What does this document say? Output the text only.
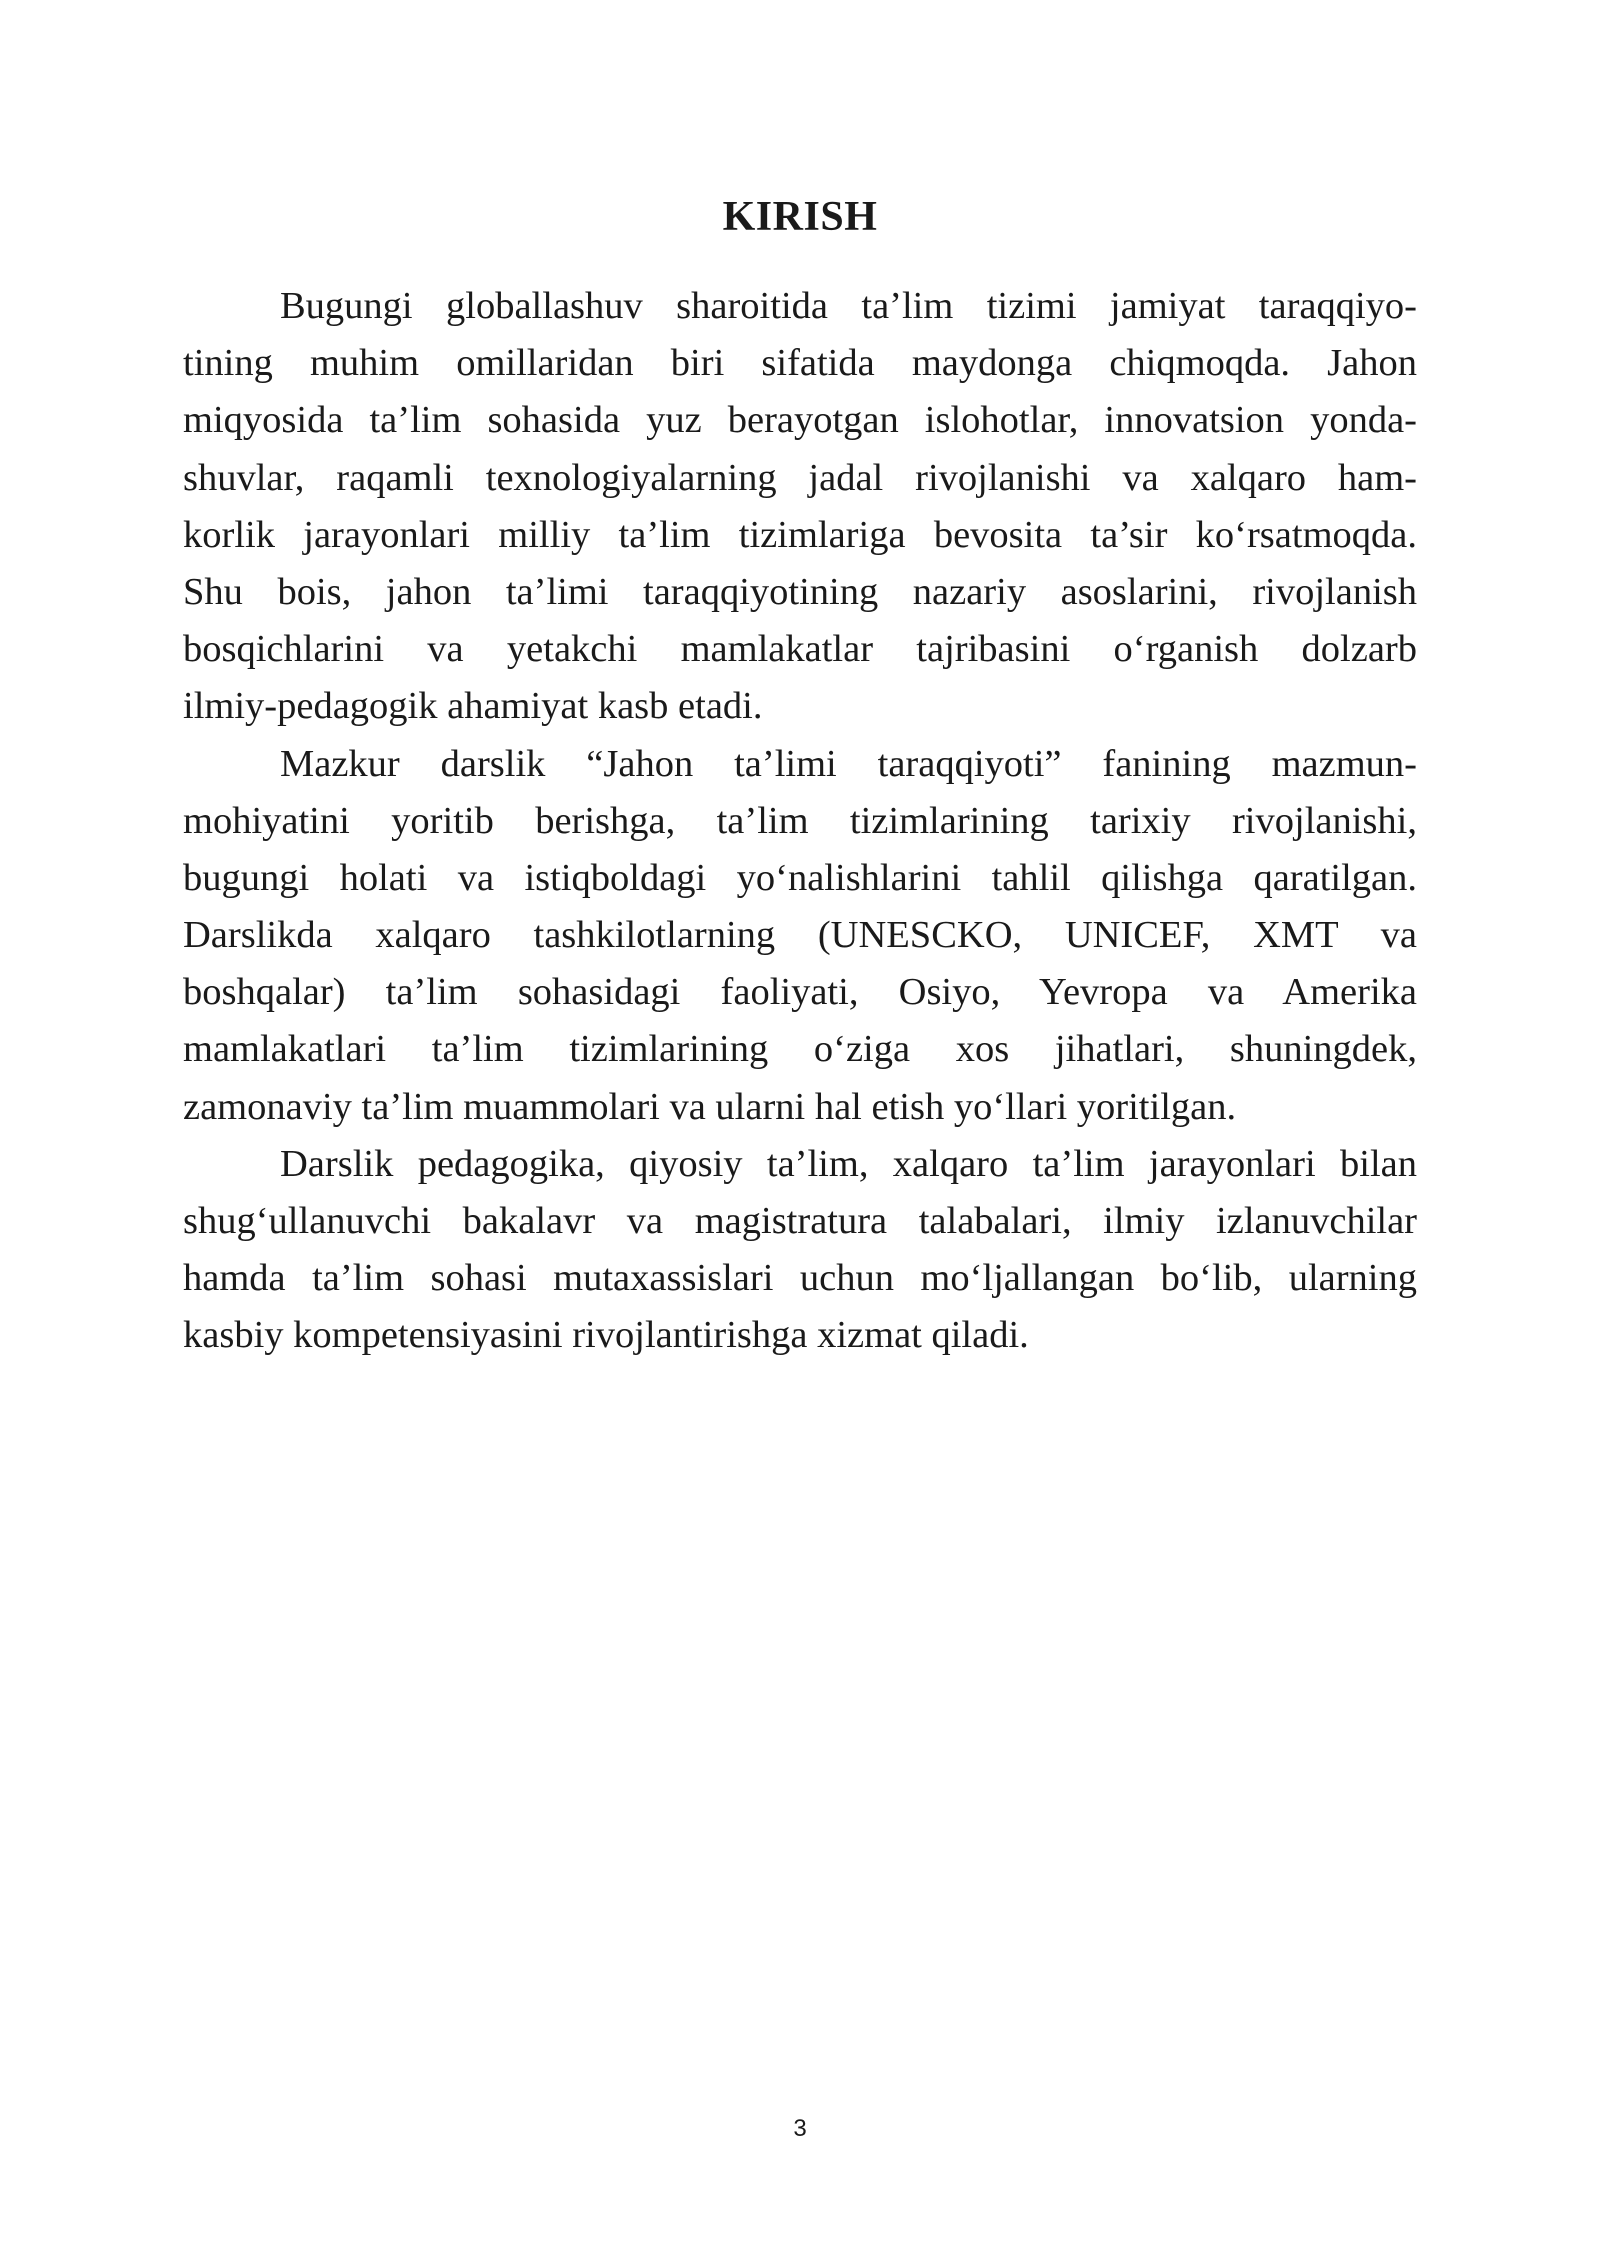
KIRISH
Bugungi globallashuv sharoitida ta’lim tizimi jamiyat taraqqiyo-
tining muhim omillaridan biri sifatida maydonga chiqmoqda. Jahon
miqyosida ta’lim sohasida yuz berayotgan islohotlar, innovatsion yonda-
shuvlar, raqamli texnologiyalarning jadal rivojlanishi va xalqaro ham-
korlik jarayonlari milliy ta’lim tizimlariga bevosita ta’sir ko‘rsatmoqda.
Shu bois, jahon ta’limi taraqqiyotining nazariy asoslarini, rivojlanish
bosqichlarini va yetakchi mamlakatlar tajribasini o‘rganish dolzarb
ilmiy-pedagogik ahamiyat kasb etadi.
Mazkur darslik “Jahon ta’limi taraqqiyoti” fanining mazmun-
mohiyatini yoritib berishga, ta’lim tizimlarining tarixiy rivojlanishi,
bugungi holati va istiqboldagi yo‘nalishlarini tahlil qilishga qaratilgan.
Darslikda xalqaro tashkilotlarning (UNESCKO, UNICEF, XMT va
boshqalar) ta’lim sohasidagi faoliyati, Osiyo, Yevropa va Amerika
mamlakatlari ta’lim tizimlarining o‘ziga xos jihatlari, shuningdek,
zamonaviy ta’lim muammolari va ularni hal etish yo‘llari yoritilgan.
Darslik pedagogika, qiyosiy ta’lim, xalqaro ta’lim jarayonlari bilan
shug‘ullanuvchi bakalavr va magistratura talabalari, ilmiy izlanuvchilar
hamda ta’lim sohasi mutaxassislari uchun mo‘ljallangan bo‘lib, ularning
kasbiy kompetensiyasini rivojlantirishga xizmat qiladi.
3
